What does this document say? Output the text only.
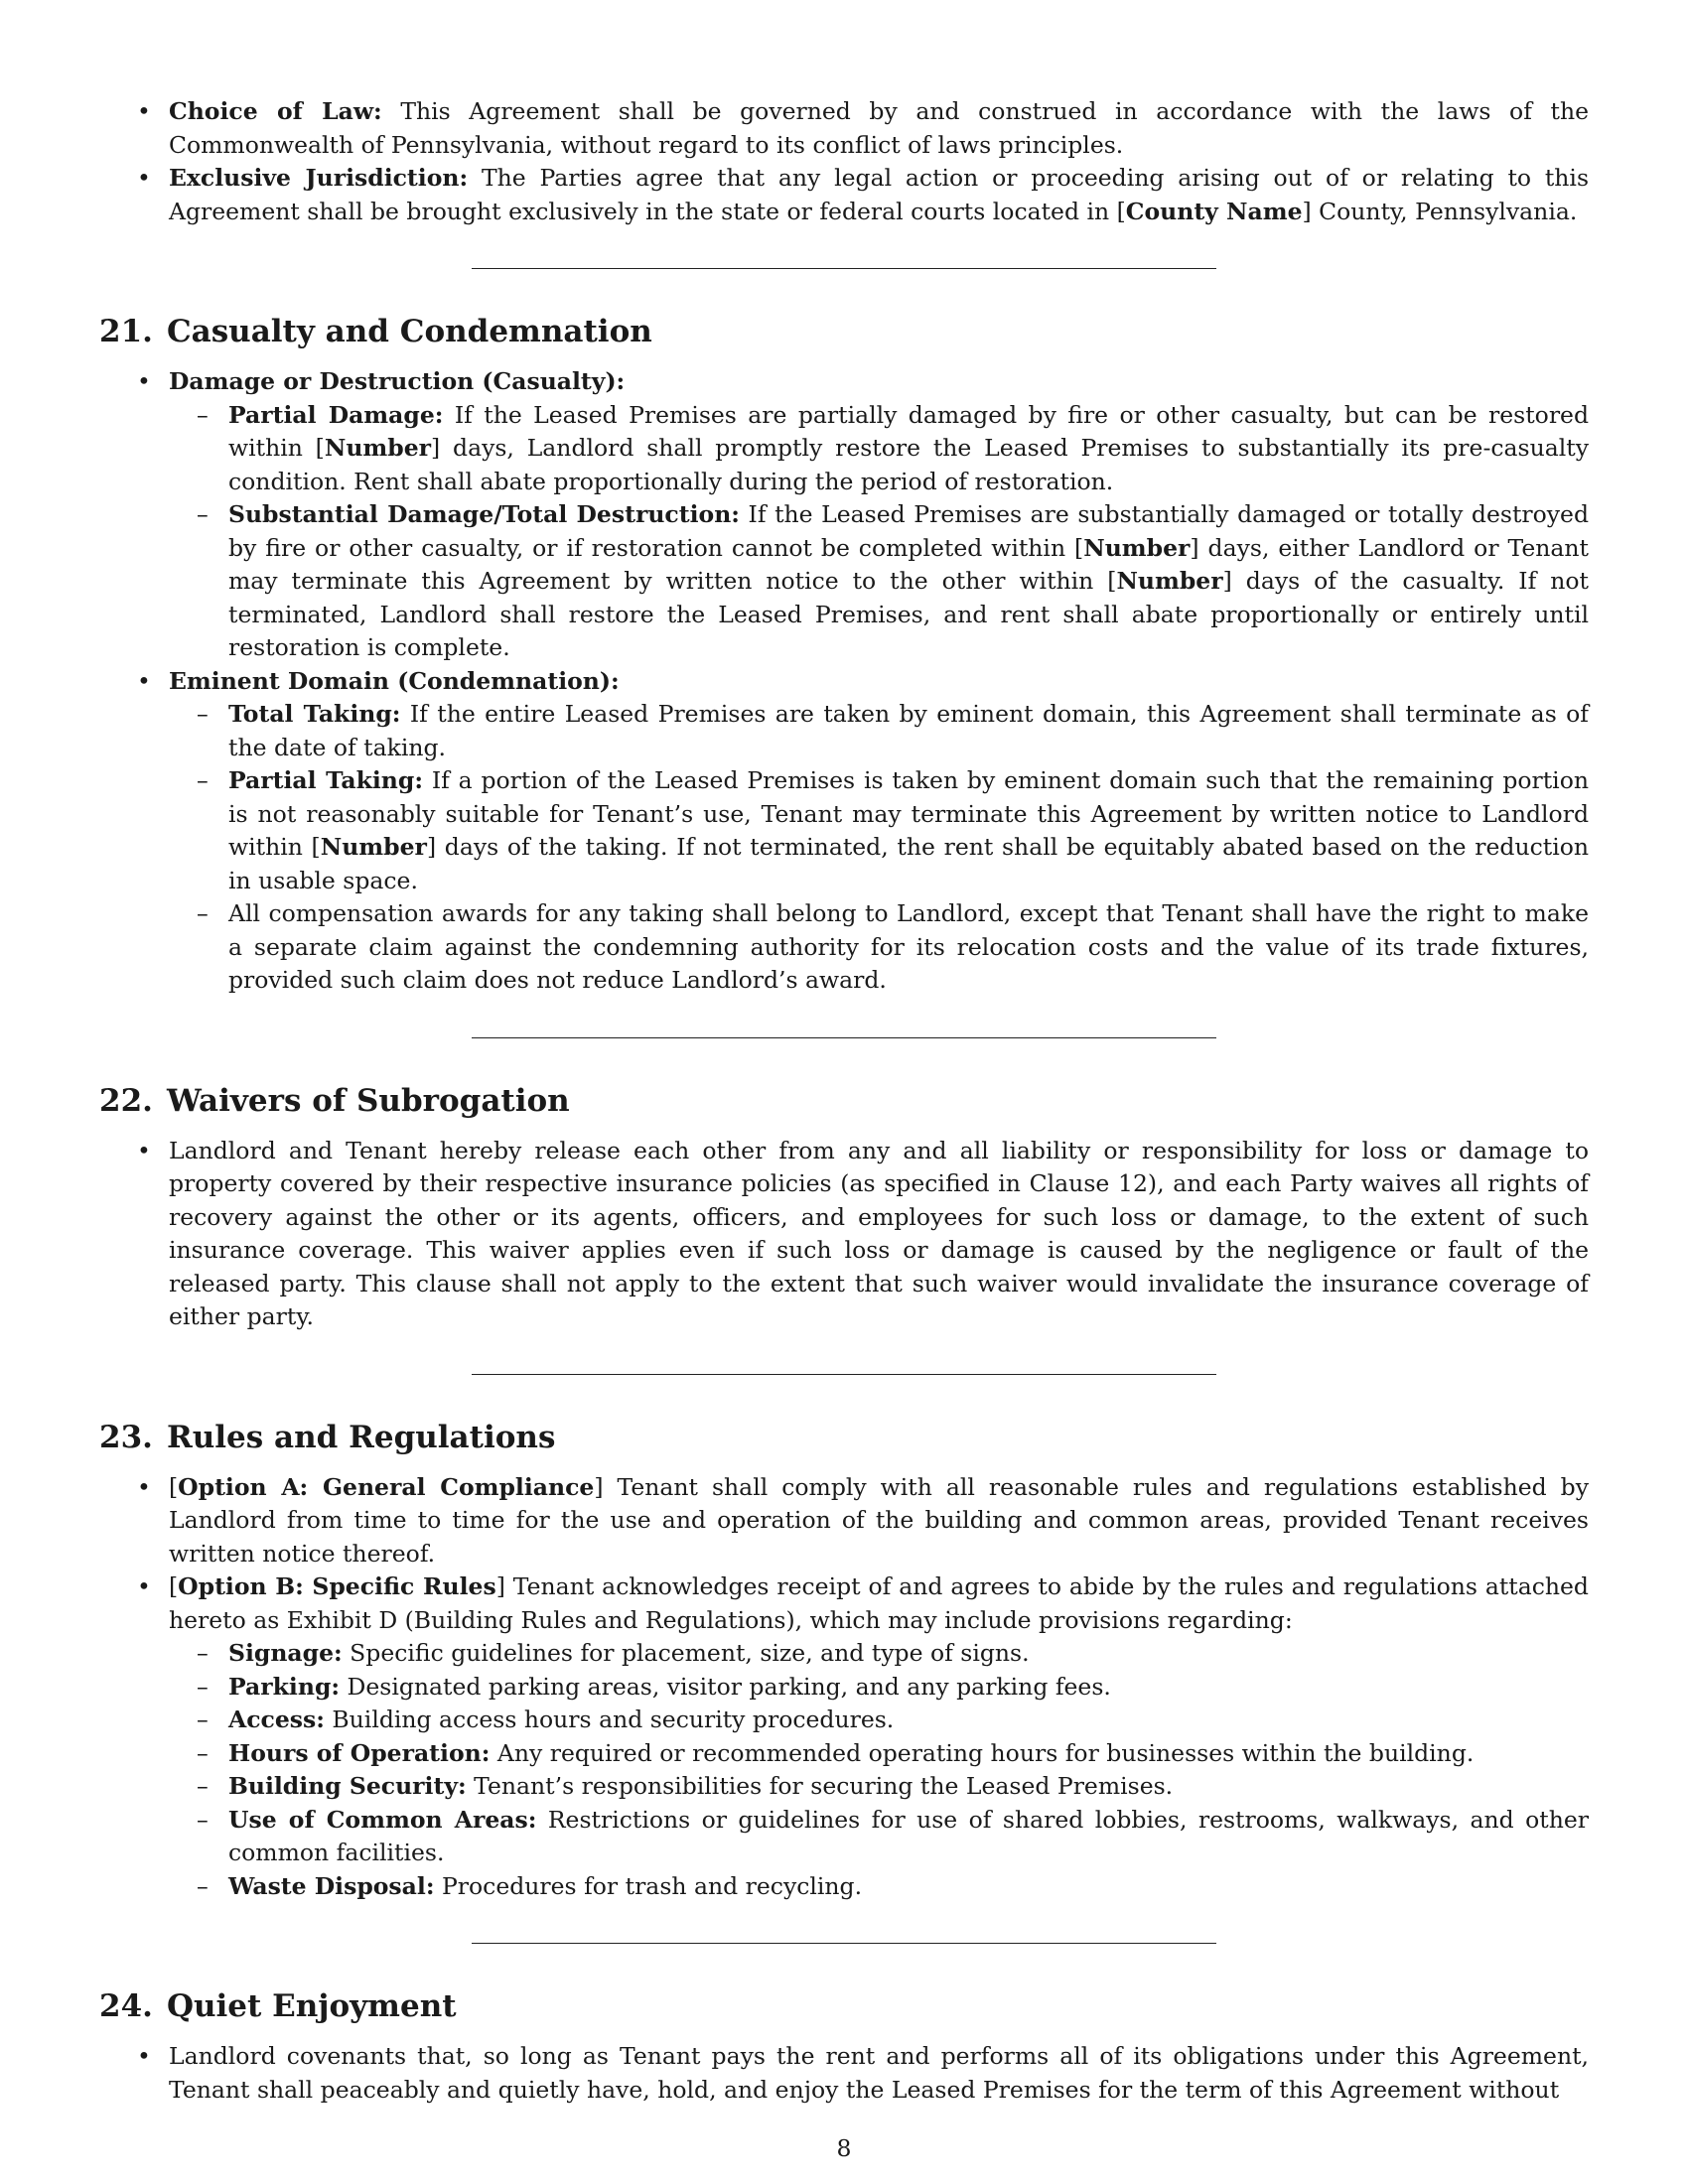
• Choice of Law: This Agreement shall be governed by and construed in accordance with the laws of the Commonwealth of Pennsylvania, without regard to its conflict of laws principles.
• Exclusive Jurisdiction: The Parties agree that any legal action or proceeding arising out of or relating to this Agreement shall be brought exclusively in the state or federal courts located in [County Name] County, Pennsylvania.
21. Casualty and Condemnation
• Damage or Destruction (Casualty):
– Partial Damage: If the Leased Premises are partially damaged by fire or other casualty, but can be restored within [Number] days, Landlord shall promptly restore the Leased Premises to substantially its pre-casualty condition. Rent shall abate proportionally during the period of restoration.
– Substantial Damage/Total Destruction: If the Leased Premises are substantially damaged or totally destroyed by fire or other casualty, or if restoration cannot be completed within [Number] days, either Landlord or Tenant may terminate this Agreement by written notice to the other within [Number] days of the casualty. If not terminated, Landlord shall restore the Leased Premises, and rent shall abate proportionally or entirely until restoration is complete.
• Eminent Domain (Condemnation):
– Total Taking: If the entire Leased Premises are taken by eminent domain, this Agreement shall terminate as of the date of taking.
– Partial Taking: If a portion of the Leased Premises is taken by eminent domain such that the remaining portion is not reasonably suitable for Tenant’s use, Tenant may terminate this Agreement by written notice to Landlord within [Number] days of the taking. If not terminated, the rent shall be equitably abated based on the reduction in usable space.
– All compensation awards for any taking shall belong to Landlord, except that Tenant shall have the right to make a separate claim against the condemning authority for its relocation costs and the value of its trade fixtures, provided such claim does not reduce Landlord’s award.
22. Waivers of Subrogation
• Landlord and Tenant hereby release each other from any and all liability or responsibility for loss or damage to property covered by their respective insurance policies (as specified in Clause 12), and each Party waives all rights of recovery against the other or its agents, officers, and employees for such loss or damage, to the extent of such insurance coverage. This waiver applies even if such loss or damage is caused by the negligence or fault of the released party. This clause shall not apply to the extent that such waiver would invalidate the insurance coverage of either party.
23. Rules and Regulations
• [Option A: General Compliance] Tenant shall comply with all reasonable rules and regulations established by Landlord from time to time for the use and operation of the building and common areas, provided Tenant receives written notice thereof.
• [Option B: Specific Rules] Tenant acknowledges receipt of and agrees to abide by the rules and regulations attached hereto as Exhibit D (Building Rules and Regulations), which may include provisions regarding:
– Signage: Specific guidelines for placement, size, and type of signs.
– Parking: Designated parking areas, visitor parking, and any parking fees.
– Access: Building access hours and security procedures.
– Hours of Operation: Any required or recommended operating hours for businesses within the building.
– Building Security: Tenant’s responsibilities for securing the Leased Premises.
– Use of Common Areas: Restrictions or guidelines for use of shared lobbies, restrooms, walkways, and other common facilities.
– Waste Disposal: Procedures for trash and recycling.
24. Quiet Enjoyment
• Landlord covenants that, so long as Tenant pays the rent and performs all of its obligations under this Agreement, Tenant shall peaceably and quietly have, hold, and enjoy the Leased Premises for the term of this Agreement without
8
